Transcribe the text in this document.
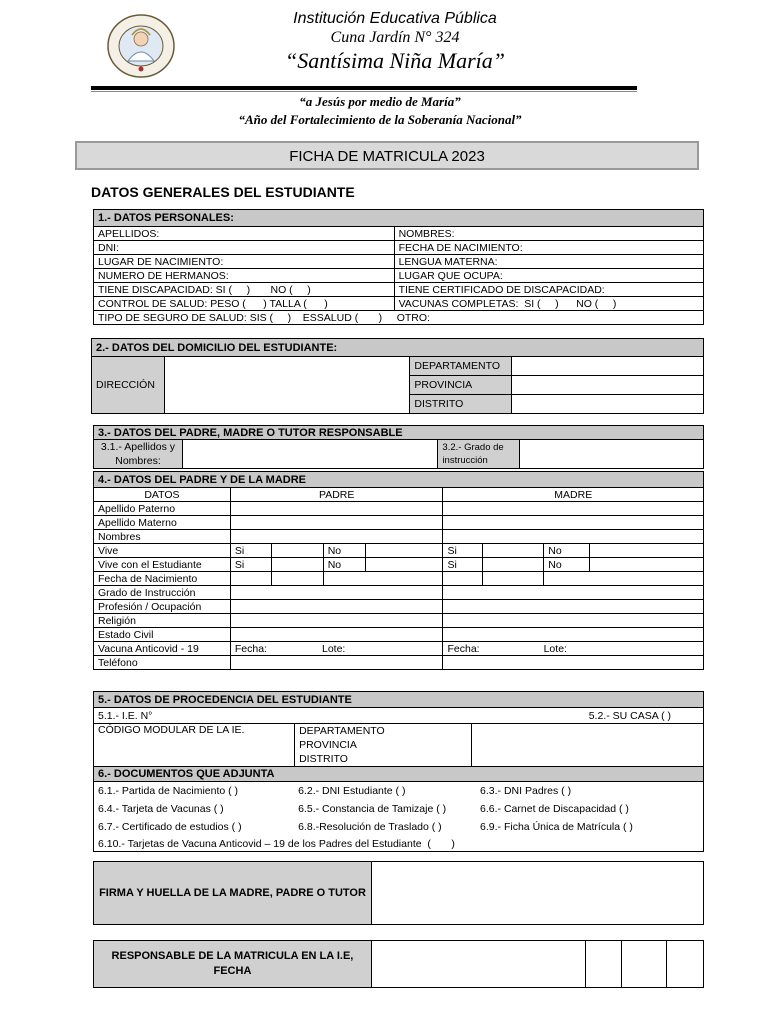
Institución Educativa Pública
Cuna Jardín N° 324
“Santísima Niña María”
“a Jesús por medio de María”
“Año del Fortalecimiento de la Soberanía Nacional”
FICHA DE MATRICULA 2023
DATOS GENERALES DEL ESTUDIANTE
1.- DATOS PERSONALES:	
APELLIDOS:	NOMBRES:
DNI:	FECHA DE NACIMIENTO:
LUGAR DE NACIMIENTO:	LENGUA MATERNA:
NUMERO DE HERMANOS:	LUGAR QUE OCUPA:
TIENE DISCAPACIDAD: SI (     )       NO (     )	TIENE CERTIFICADO DE DISCAPACIDAD:
CONTROL DE SALUD: PESO (      ) TALLA (      )	VACUNAS COMPLETAS:  SI (     )      NO (     )
TIPO DE SEGURO DE SALUD: SIS (     )    ESSALUD (       )     OTRO:	
2.- DATOS DEL DOMICILIO DEL ESTUDIANTE:			
DIRECCIÓN		DEPARTAMENTO	
		PROVINCIA	
		DISTRITO	
3.- DATOS DEL PADRE, MADRE O TUTOR RESPONSABLE
3.1.- Apellidos y
Nombres:		3.2.- Grado de
instrucción	
4.- DATOS DEL PADRE Y DE LA MADRE								
DATOS	PADRE				MADRE			
Apellido Paterno								
Apellido Materno								
Nombres								
Vive	Si		No		Si		No	
Vive con el Estudiante	Si		No		Si		No	
Fecha de Nacimiento								
Grado de Instrucción								
Profesión / Ocupación								
Religión								
Estado Civil								
Vacuna Anticovid - 19	Fecha: Lote:				Fecha: Lote:			
Teléfono								
5.- DATOS DE PROCEDENCIA DEL ESTUDIANTE		
5.1.- I.E. N° 5.2.- SU CASA ( )		

CÓDIGO MODULAR DE LA IE.	DEPARTAMENTO
PROVINCIA
DISTRITO	

6.- DOCUMENTOS QUE ADJUNTA		
6.1.- Partida de Nacimiento ( )	6.2.- DNI Estudiante ( )	6.3.- DNI Padres ( )
6.4.- Tarjeta de Vacunas ( )	6.5.- Constancia de Tamizaje ( )	6.6.- Carnet de Discapacidad ( )
6.7.- Certificado de estudios ( )	6.8.-Resolución de Traslado ( )	6.9.- Ficha Única de Matrícula ( )
6.10.- Tarjetas de Vacuna Anticovid – 19 de los Padres del Estudiante  (       )		
FIRMA Y HUELLA DE LA MADRE, PADRE O TUTOR	
RESPONSABLE DE LA MATRICULA EN LA I.E,
FECHA				
